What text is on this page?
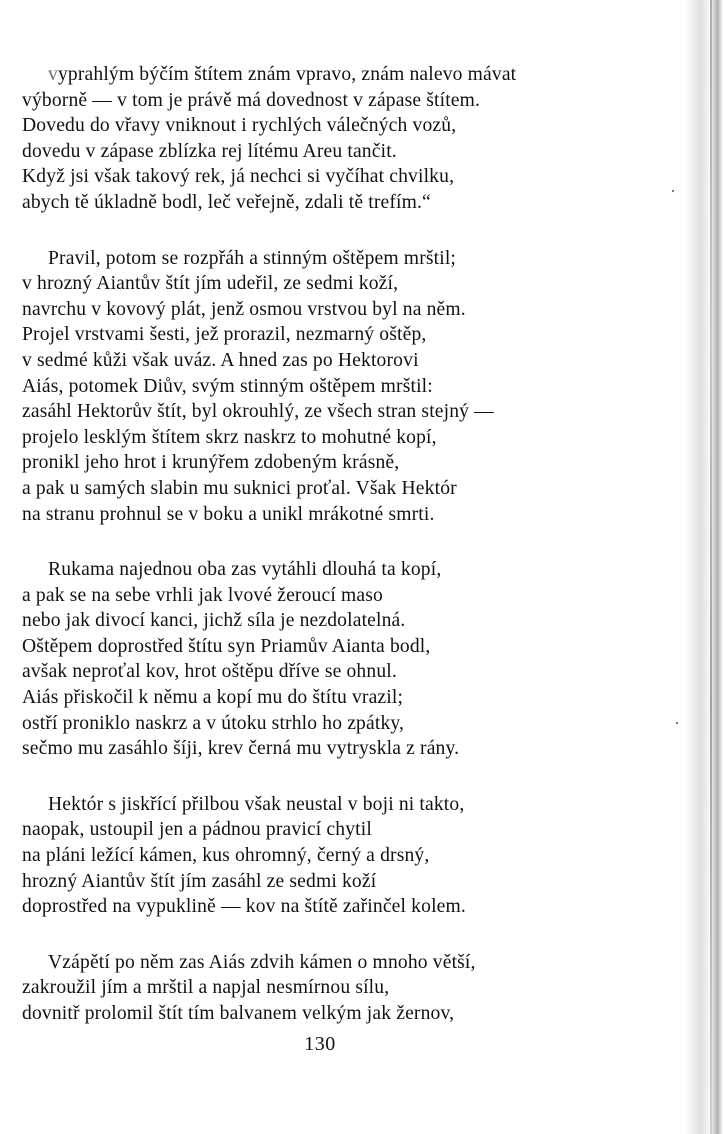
vyprahlým býčím štítem znám vpravo, znám nalevo mávat
výborně — v tom je právě má dovednost v zápase štítem.
Dovedu do vřavy vniknout i rychlých válečných vozů,
dovedu v zápase zblízka rej lítému Areu tančit.
Když jsi však takový rek, já nechci si vyčíhat chvilku,
abych tě úkladně bodl, leč veřejně, zdali tě trefím.“
Pravil, potom se rozpřáh a stinným oštěpem mrštil;
v hrozný Aiantův štít jím udeřil, ze sedmi koží,
navrchu v kovový plát, jenž osmou vrstvou byl na něm.
Projel vrstvami šesti, jež prorazil, nezmarný oštěp,
v sedmé kůži však uváz. A hned zas po Hektorovi
Aiás, potomek Diův, svým stinným oštěpem mrštil:
zasáhl Hektorův štít, byl okrouhlý, ze všech stran stejný —
projelo lesklým štítem skrz naskrz to mohutné kopí,
pronikl jeho hrot i krunýřem zdobeným krásně,
a pak u samých slabin mu suknici proťal. Však Hektór
na stranu prohnul se v boku a unikl mrákotné smrti.
Rukama najednou oba zas vytáhli dlouhá ta kopí,
a pak se na sebe vrhli jak lvové žeroucí maso
nebo jak divocí kanci, jichž síla je nezdolatelná.
Oštěpem doprostřed štítu syn Priamův Aianta bodl,
avšak neproťal kov, hrot oštěpu dříve se ohnul.
Aiás přiskočil k němu a kopí mu do štítu vrazil;
ostří proniklo naskrz a v útoku strhlo ho zpátky,
sečmo mu zasáhlo šíji, krev černá mu vytryskla z rány.
Hektór s jiskřící přilbou však neustal v boji ni takto,
naopak, ustoupil jen a pádnou pravicí chytil
na pláni ležící kámen, kus ohromný, černý a drsný,
hrozný Aiantův štít jím zasáhl ze sedmi koží
doprostřed na vypuklině — kov na štítě zařinčel kolem.
Vzápětí po něm zas Aiás zdvih kámen o mnoho větší,
zakroužil jím a mrštil a napjal nesmírnou sílu,
dovnitř prolomil štít tím balvanem velkým jak žernov,
130
